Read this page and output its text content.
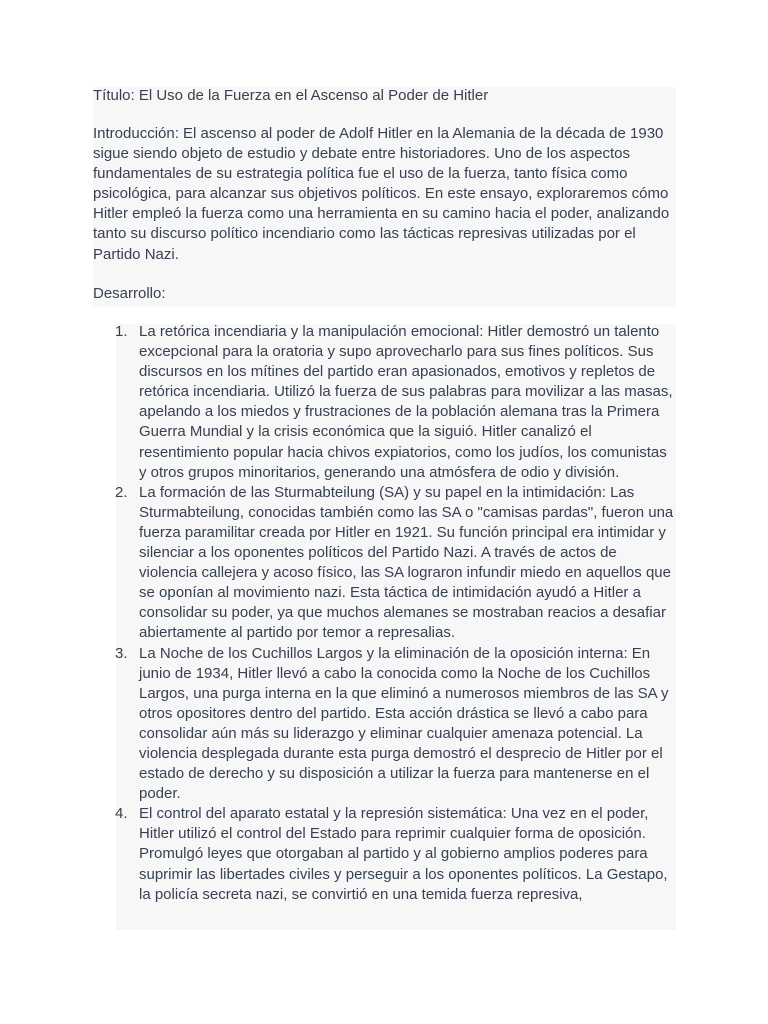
Título: El Uso de la Fuerza en el Ascenso al Poder de Hitler
Introducción: El ascenso al poder de Adolf Hitler en la Alemania de la década de 1930 sigue siendo objeto de estudio y debate entre historiadores. Uno de los aspectos fundamentales de su estrategia política fue el uso de la fuerza, tanto física como psicológica, para alcanzar sus objetivos políticos. En este ensayo, exploraremos cómo Hitler empleó la fuerza como una herramienta en su camino hacia el poder, analizando tanto su discurso político incendiario como las tácticas represivas utilizadas por el Partido Nazi.
Desarrollo:
1. La retórica incendiaria y la manipulación emocional: Hitler demostró un talento excepcional para la oratoria y supo aprovecharlo para sus fines políticos. Sus discursos en los mítines del partido eran apasionados, emotivos y repletos de retórica incendiaria. Utilizó la fuerza de sus palabras para movilizar a las masas, apelando a los miedos y frustraciones de la población alemana tras la Primera Guerra Mundial y la crisis económica que la siguió. Hitler canalizó el resentimiento popular hacia chivos expiatorios, como los judíos, los comunistas y otros grupos minoritarios, generando una atmósfera de odio y división.
2. La formación de las Sturmabteilung (SA) y su papel en la intimidación: Las Sturmabteilung, conocidas también como las SA o "camisas pardas", fueron una fuerza paramilitar creada por Hitler en 1921. Su función principal era intimidar y silenciar a los oponentes políticos del Partido Nazi. A través de actos de violencia callejera y acoso físico, las SA lograron infundir miedo en aquellos que se oponían al movimiento nazi. Esta táctica de intimidación ayudó a Hitler a consolidar su poder, ya que muchos alemanes se mostraban reacios a desafiar abiertamente al partido por temor a represalias.
3. La Noche de los Cuchillos Largos y la eliminación de la oposición interna: En junio de 1934, Hitler llevó a cabo la conocida como la Noche de los Cuchillos Largos, una purga interna en la que eliminó a numerosos miembros de las SA y otros opositores dentro del partido. Esta acción drástica se llevó a cabo para consolidar aún más su liderazgo y eliminar cualquier amenaza potencial. La violencia desplegada durante esta purga demostró el desprecio de Hitler por el estado de derecho y su disposición a utilizar la fuerza para mantenerse en el poder.
4. El control del aparato estatal y la represión sistemática: Una vez en el poder, Hitler utilizó el control del Estado para reprimir cualquier forma de oposición. Promulgó leyes que otorgaban al partido y al gobierno amplios poderes para suprimir las libertades civiles y perseguir a los oponentes políticos. La Gestapo, la policía secreta nazi, se convirtió en una temida fuerza represiva,
